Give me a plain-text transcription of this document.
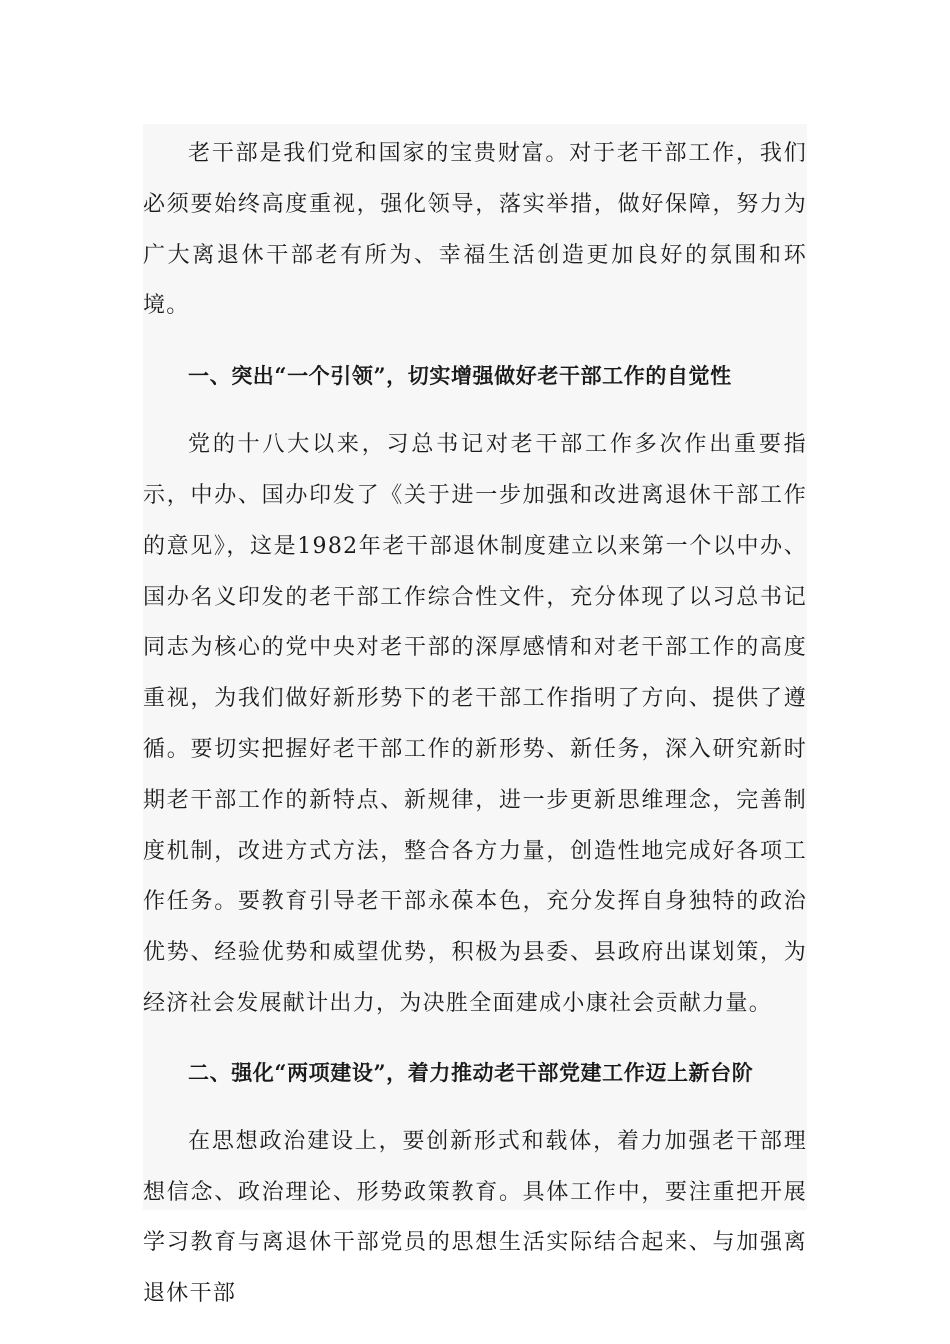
老干部是我们党和国家的宝贵财富。对于老干部工作，我们必须要始终高度重视，强化领导，落实举措，做好保障，努力为广大离退休干部老有所为、幸福生活创造更加良好的氛围和环境。

一、突出“一个引领”，切实增强做好老干部工作的自觉性

党的十八大以来，习总书记对老干部工作多次作出重要指示，中办、国办印发了《关于进一步加强和改进离退休干部工作的意见》，这是1982年老干部退休制度建立以来第一个以中办、国办名义印发的老干部工作综合性文件，充分体现了以习总书记同志为核心的党中央对老干部的深厚感情和对老干部工作的高度重视，为我们做好新形势下的老干部工作指明了方向、提供了遵循。要切实把握好老干部工作的新形势、新任务，深入研究新时期老干部工作的新特点、新规律，进一步更新思维理念，完善制度机制，改进方式方法，整合各方力量，创造性地完成好各项工作任务。要教育引导老干部永葆本色，充分发挥自身独特的政治优势、经验优势和威望优势，积极为县委、县政府出谋划策，为经济社会发展献计出力，为决胜全面建成小康社会贡献力量。

二、强化“两项建设”，着力推动老干部党建工作迈上新台阶

在思想政治建设上，要创新形式和载体，着力加强老干部理想信念、政治理论、形势政策教育。具体工作中，要注重把开展学习教育与离退休干部党员的思想生活实际结合起来、与加强离退休干部
